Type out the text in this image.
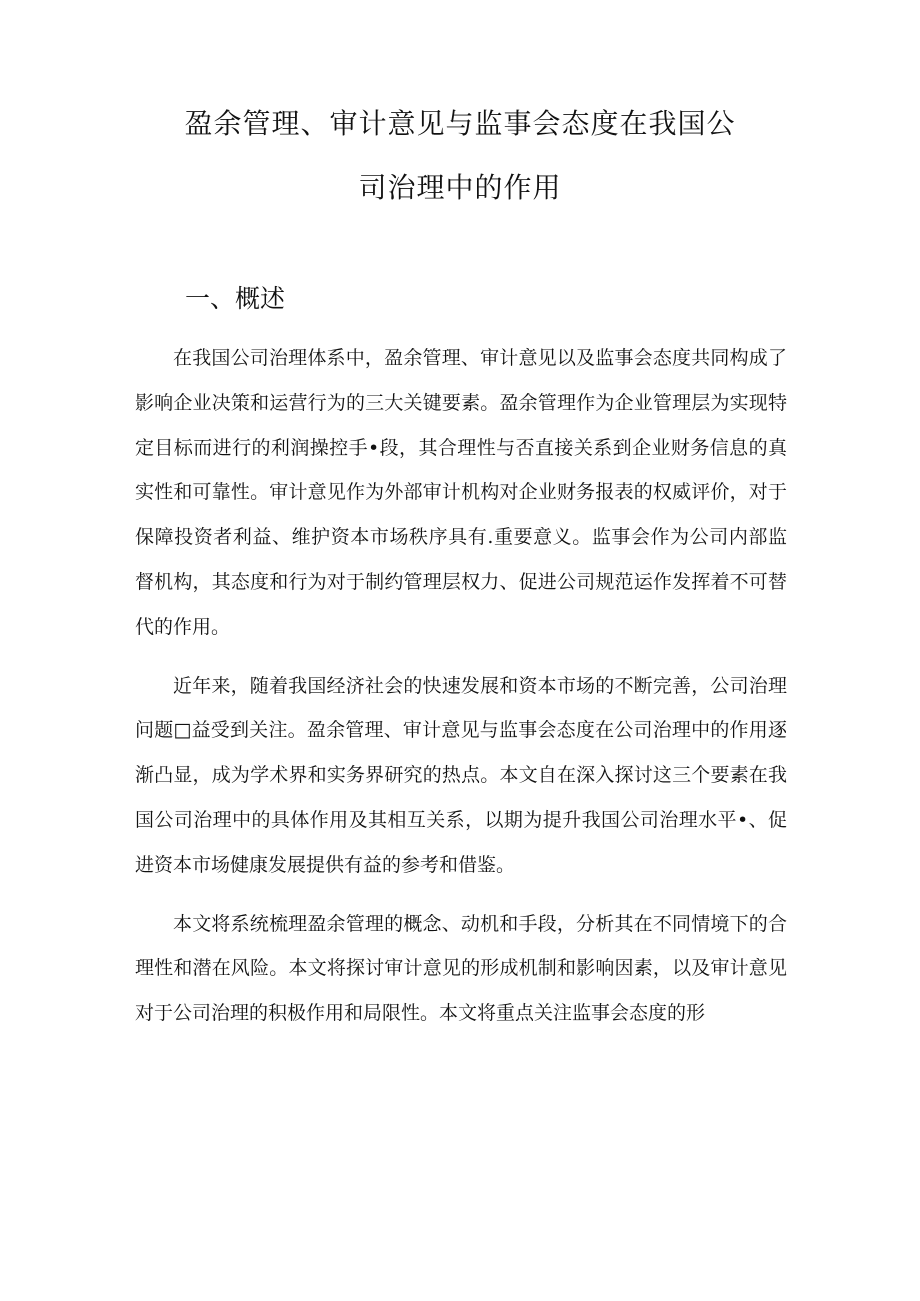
盈余管理、审计意见与监事会态度在我国公
司治理中的作用
一、概述

在我国公司治理体系中，盈余管理、审计意见以及监事会态度共同构成了影响企业决策和运营行为的三大关键要素。盈余管理作为企业管理层为实现特定目标而进行的利润操控手•段，其合理性与否直接关系到企业财务信息的真实性和可靠性。审计意见作为外部审计机构对企业财务报表的权威评价，对于保障投资者利益、维护资本市场秩序具有.重要意义。监事会作为公司内部监督机构，其态度和行为对于制约管理层权力、促进公司规范运作发挥着不可替代的作用。

近年来，随着我国经济社会的快速发展和资本市场的不断完善，公司治理问题□益受到关注。盈余管理、审计意见与监事会态度在公司治理中的作用逐渐凸显，成为学术界和实务界研究的热点。本文自在深入探讨这三个要素在我国公司治理中的具体作用及其相互关系，以期为提升我国公司治理水平•、促进资本市场健康发展提供有益的参考和借鉴。

本文将系统梳理盈余管理的概念、动机和手段，分析其在不同情境下的合理性和潜在风险。本文将探讨审计意见的形成机制和影响因素，以及审计意见对于公司治理的积极作用和局限性。本文将重点关注监事会态度的形
